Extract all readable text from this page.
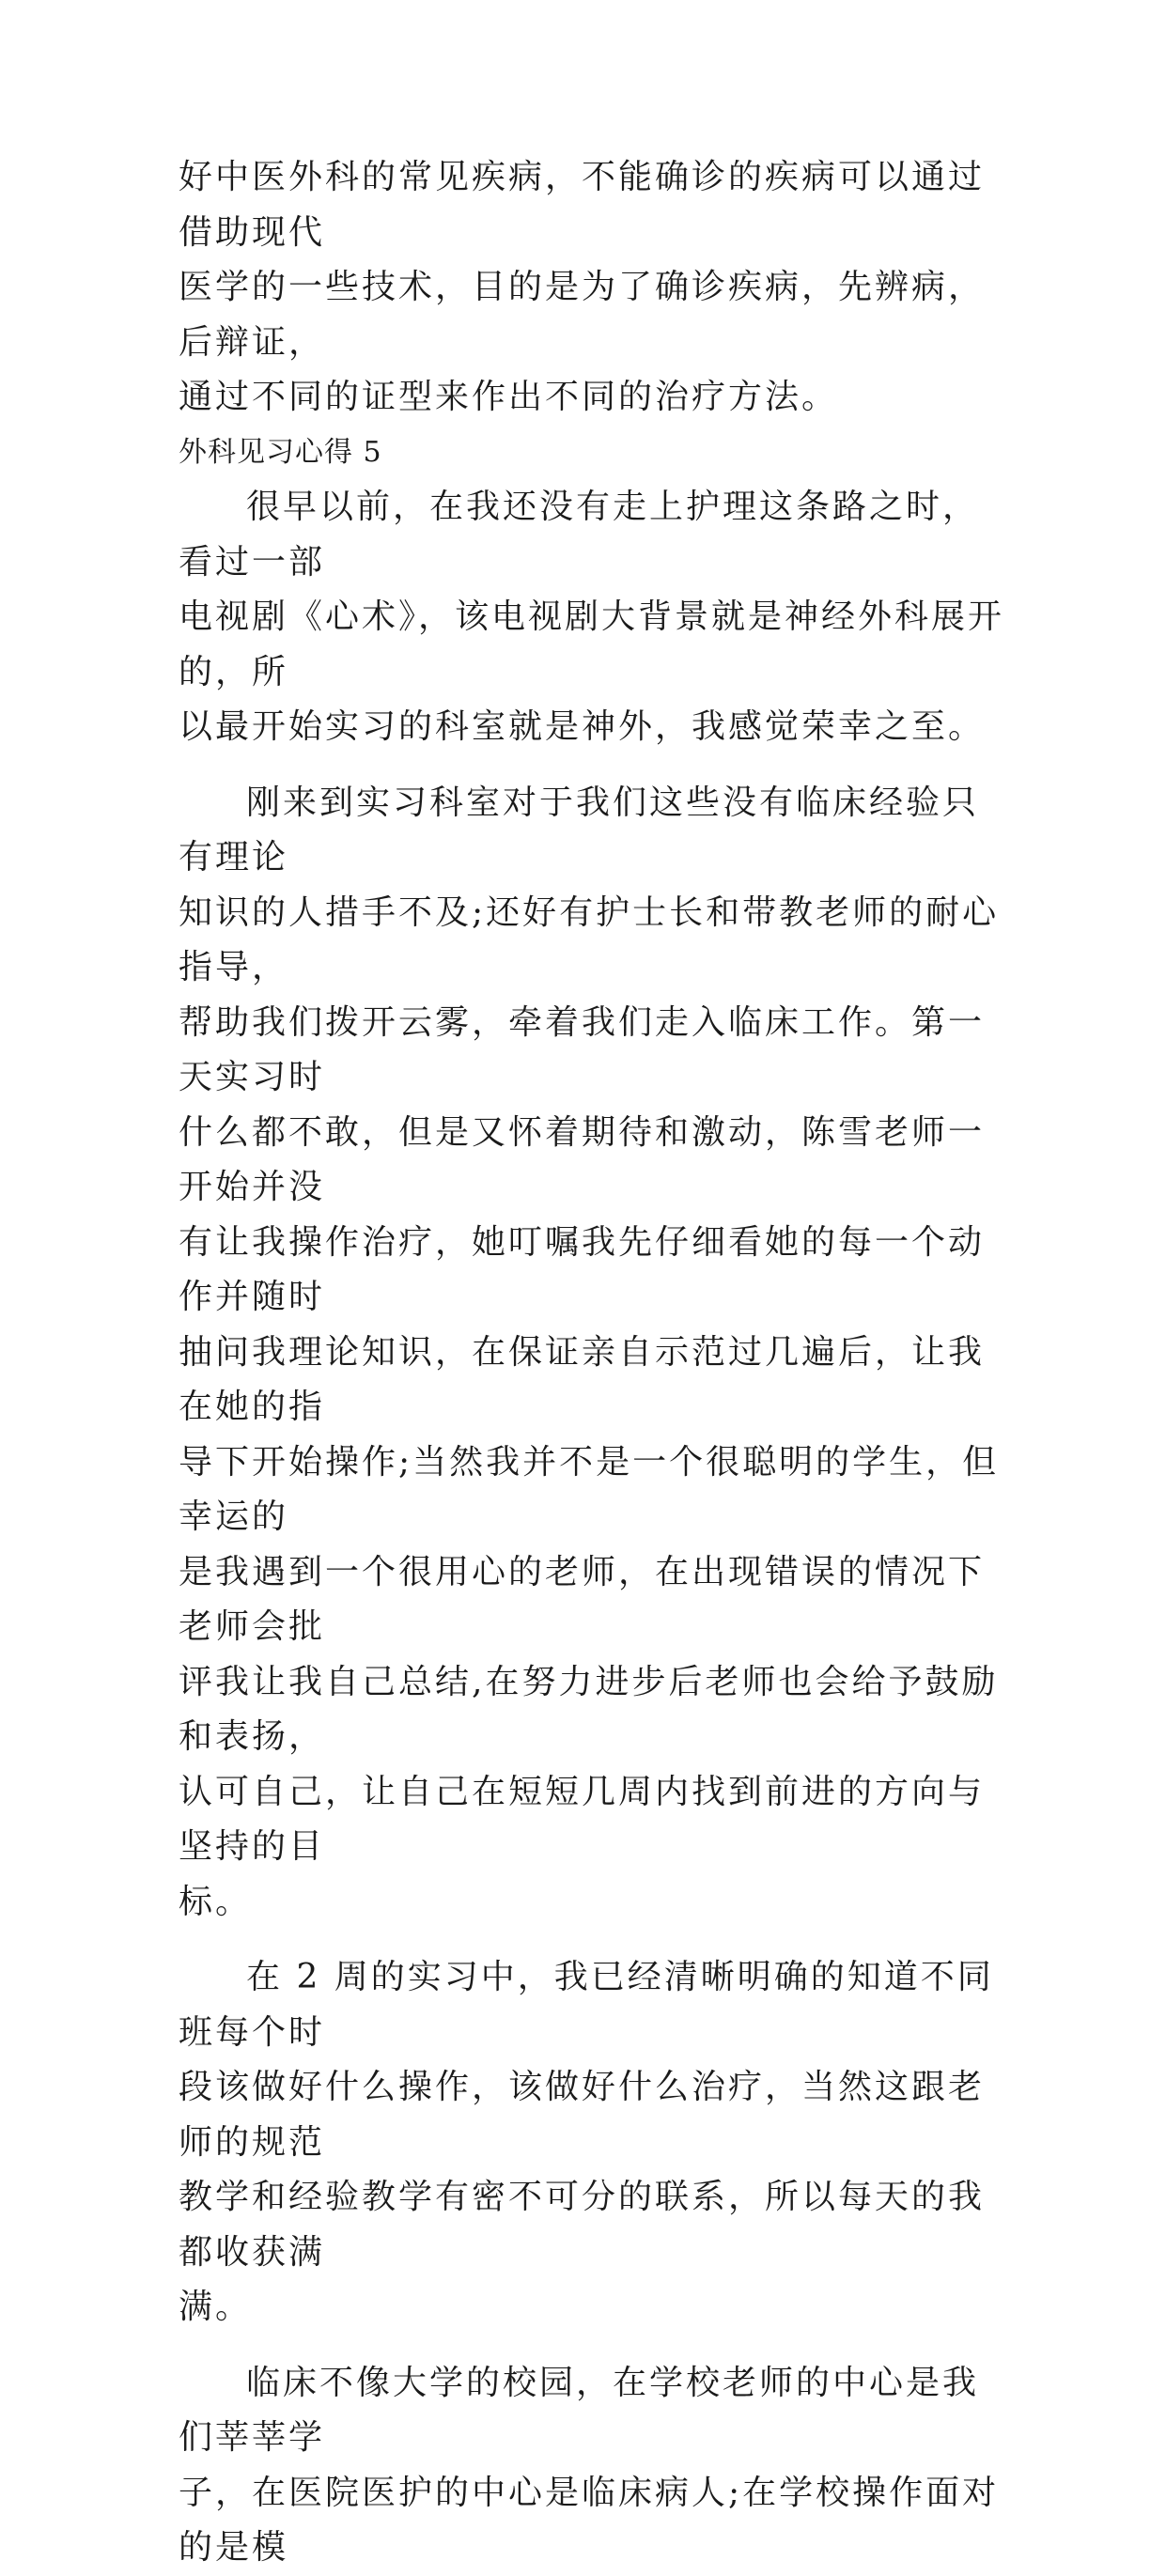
好中医外科的常见疾病，不能确诊的疾病可以通过借助现代
医学的一些技术，目的是为了确诊疾病，先辨病，后辩证，
通过不同的证型来作出不同的治疗方法。
外科见习心得 5
很早以前，在我还没有走上护理这条路之时，看过一部
电视剧《心术》，该电视剧大背景就是神经外科展开的，所
以最开始实习的科室就是神外，我感觉荣幸之至。
刚来到实习科室对于我们这些没有临床经验只有理论
知识的人措手不及;还好有护士长和带教老师的耐心指导，
帮助我们拨开云雾，牵着我们走入临床工作。第一天实习时
什么都不敢，但是又怀着期待和激动，陈雪老师一开始并没
有让我操作治疗，她叮嘱我先仔细看她的每一个动作并随时
抽问我理论知识，在保证亲自示范过几遍后，让我在她的指
导下开始操作;当然我并不是一个很聪明的学生，但幸运的
是我遇到一个很用心的老师，在出现错误的情况下老师会批
评我让我自己总结,在努力进步后老师也会给予鼓励和表扬，
认可自己，让自己在短短几周内找到前进的方向与坚持的目
标。
在 2 周的实习中，我已经清晰明确的知道不同班每个时
段该做好什么操作，该做好什么治疗，当然这跟老师的规范
教学和经验教学有密不可分的联系，所以每天的我都收获满
满。
临床不像大学的校园，在学校老师的中心是我们莘莘学
子，在医院医护的中心是临床病人;在学校操作面对的是模
